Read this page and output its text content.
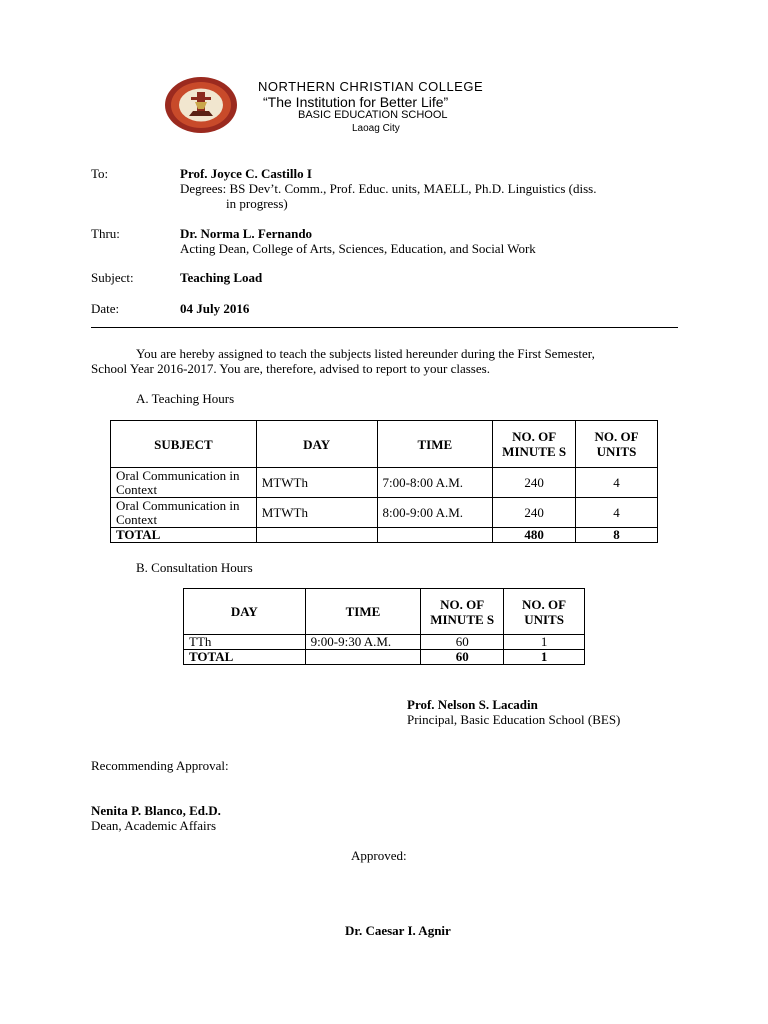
NORTHERN CHRISTIAN COLLEGE
“The Institution for Better Life”
BASIC EDUCATION SCHOOL
Laoag City
To:	Prof. Joyce C. Castillo I
Degrees: BS Dev’t. Comm., Prof. Educ. units, MAELL, Ph.D. Linguistics (diss.
in progress)
Thru:	Dr. Norma L. Fernando
Acting Dean, College of Arts, Sciences, Education, and Social Work
Subject:	Teaching Load
Date:	04 July 2016
You are hereby assigned to teach the subjects listed hereunder during the First Semester,
School Year 2016-2017. You are, therefore, advised to report to your classes.
A. Teaching Hours
SUBJECT	DAY	TIME	NO. OF MINUTE S	NO. OF UNITS
Oral Communication in Context	MTWTh	7:00-8:00 A.M.	240	4
Oral Communication in Context	MTWTh	8:00-9:00 A.M.	240	4
TOTAL			480	8
B. Consultation Hours
DAY	TIME	NO. OF MINUTE S	NO. OF UNITS
TTh	9:00-9:30 A.M.	60	1
TOTAL		60	1
Prof. Nelson S. Lacadin
Principal, Basic Education School (BES)
Recommending Approval:
Nenita P. Blanco, Ed.D.
Dean, Academic Affairs
Approved:
Dr. Caesar I. Agnir
